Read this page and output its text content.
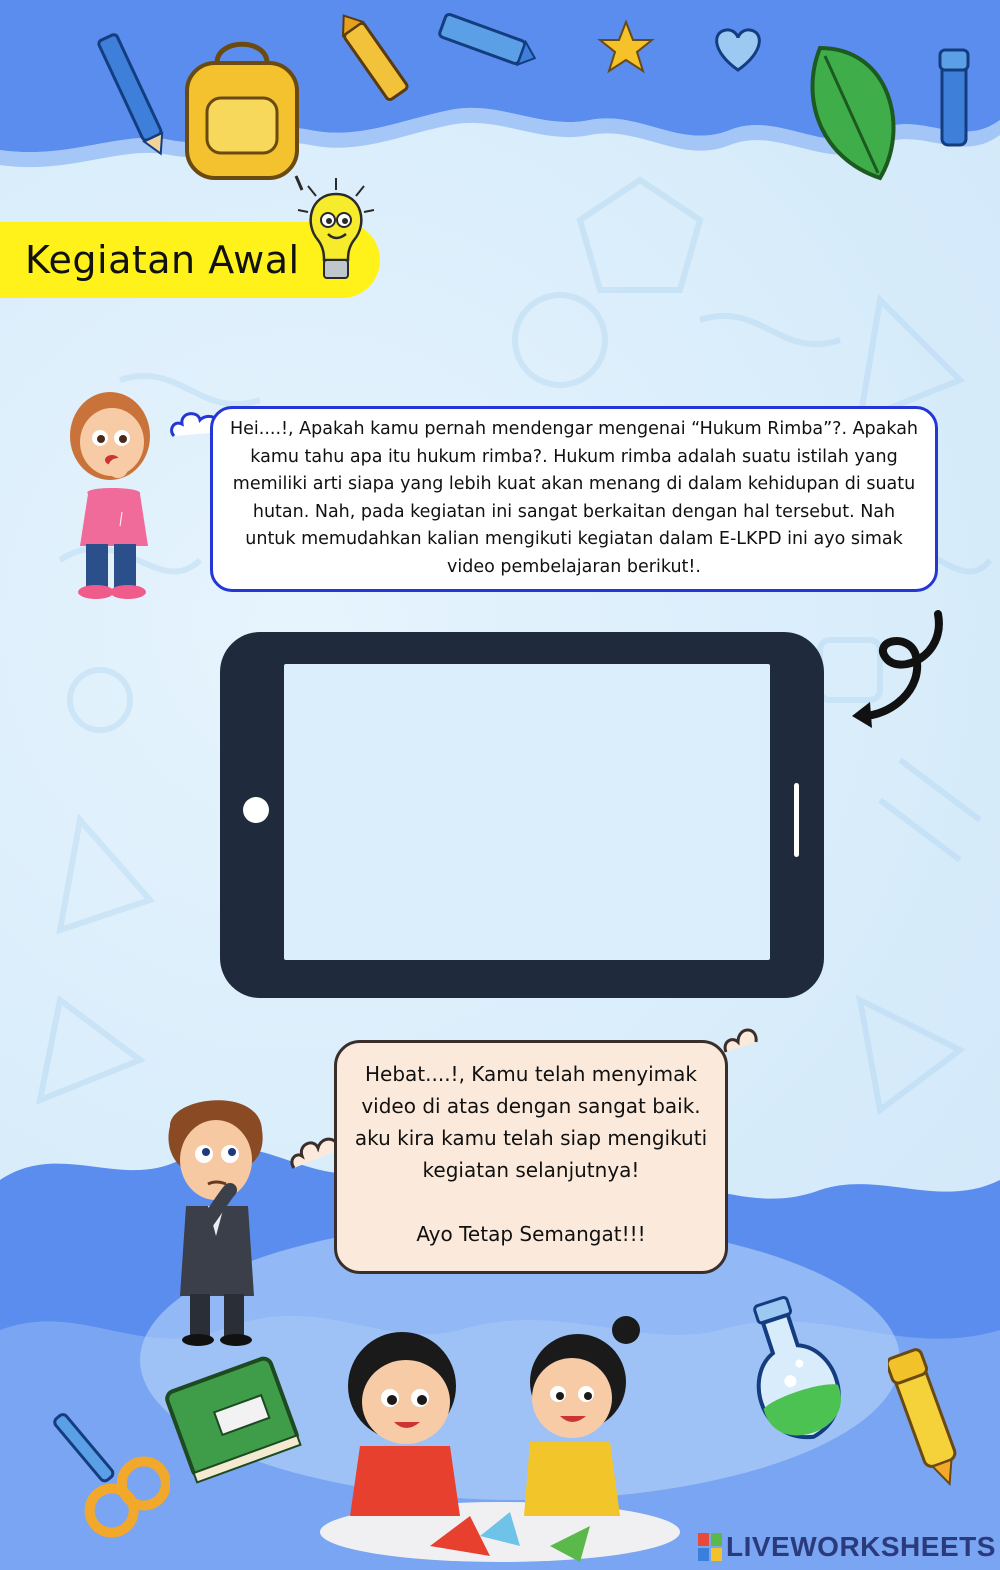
Kegiatan Awal
Hei....!, Apakah kamu pernah mendengar mengenai “Hukum Rimba”?. Apakah kamu tahu apa itu hukum rimba?. Hukum rimba adalah suatu istilah yang memiliki arti siapa yang lebih kuat akan menang di dalam kehidupan di suatu hutan. Nah, pada kegiatan ini sangat berkaitan dengan hal tersebut. Nah untuk memudahkan kalian mengikuti kegiatan dalam E-LKPD ini ayo simak video pembelajaran berikut!.
Hebat....!, Kamu telah menyimak video di atas dengan sangat baik. aku kira kamu telah siap mengikuti kegiatan selanjutnya!

Ayo Tetap Semangat!!!
LIVEWORKSHEETS
